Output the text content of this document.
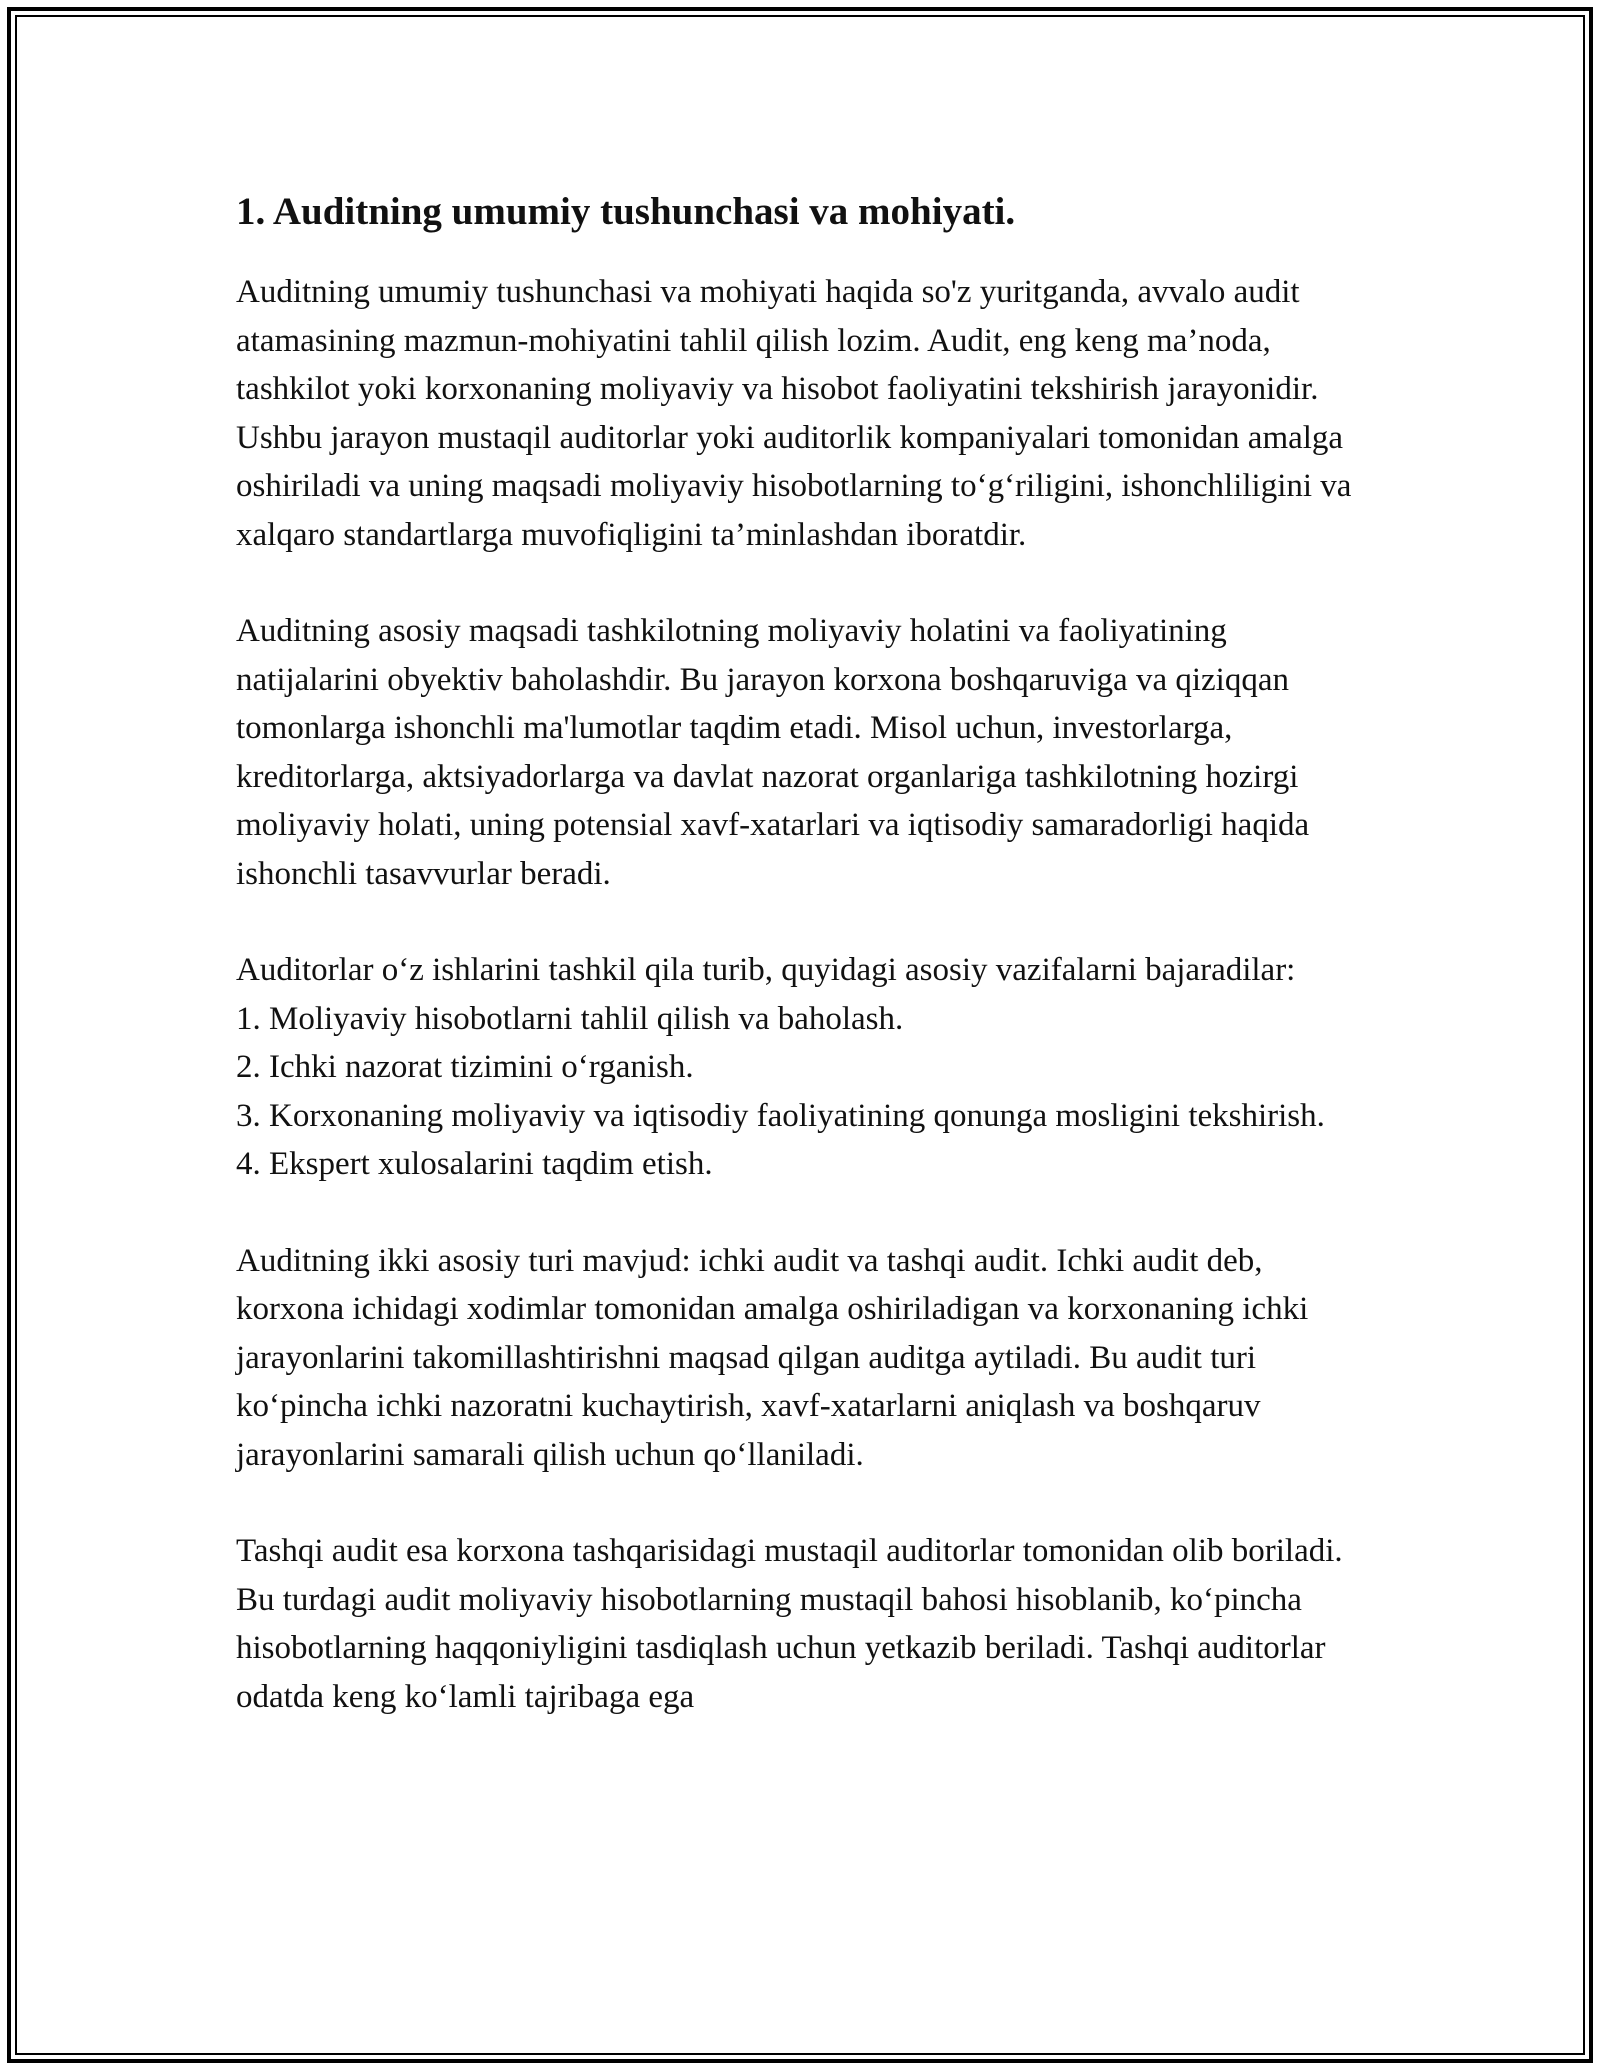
1. Auditning umumiy tushunchasi va mohiyati.

Auditning umumiy tushunchasi va mohiyati haqida so'z yuritganda, avvalo audit atamasining mazmun-mohiyatini tahlil qilish lozim. Audit, eng keng ma’noda, tashkilot yoki korxonaning moliyaviy va hisobot faoliyatini tekshirish jarayonidir. Ushbu jarayon mustaqil auditorlar yoki auditorlik kompaniyalari tomonidan amalga oshiriladi va uning maqsadi moliyaviy hisobotlarning to‘g‘riligini, ishonchliligini va xalqaro standartlarga muvofiqligini ta’minlashdan iboratdir.

Auditning asosiy maqsadi tashkilotning moliyaviy holatini va faoliyatining natijalarini obyektiv baholashdir. Bu jarayon korxona boshqaruviga va qiziqqan tomonlarga ishonchli ma'lumotlar taqdim etadi. Misol uchun, investorlarga, kreditorlarga, aktsiyadorlarga va davlat nazorat organlariga tashkilotning hozirgi moliyaviy holati, uning potensial xavf-xatarlari va iqtisodiy samaradorligi haqida ishonchli tasavvurlar beradi.

Auditorlar o‘z ishlarini tashkil qila turib, quyidagi asosiy vazifalarni bajaradilar:

1. Moliyaviy hisobotlarni tahlil qilish va baholash.
2. Ichki nazorat tizimini o‘rganish.
3. Korxonaning moliyaviy va iqtisodiy faoliyatining qonunga mosligini tekshirish.
4. Ekspert xulosalarini taqdim etish.

Auditning ikki asosiy turi mavjud: ichki audit va tashqi audit. Ichki audit deb, korxona ichidagi xodimlar tomonidan amalga oshiriladigan va korxonaning ichki jarayonlarini takomillashtirishni maqsad qilgan auditga aytiladi. Bu audit turi ko‘pincha ichki nazoratni kuchaytirish, xavf-xatarlarni aniqlash va boshqaruv jarayonlarini samarali qilish uchun qo‘llaniladi.

Tashqi audit esa korxona tashqarisidagi mustaqil auditorlar tomonidan olib boriladi. Bu turdagi audit moliyaviy hisobotlarning mustaqil bahosi hisoblanib, ko‘pincha hisobotlarning haqqoniyligini tasdiqlash uchun yetkazib beriladi. Tashqi auditorlar odatda keng ko‘lamli tajribaga ega
